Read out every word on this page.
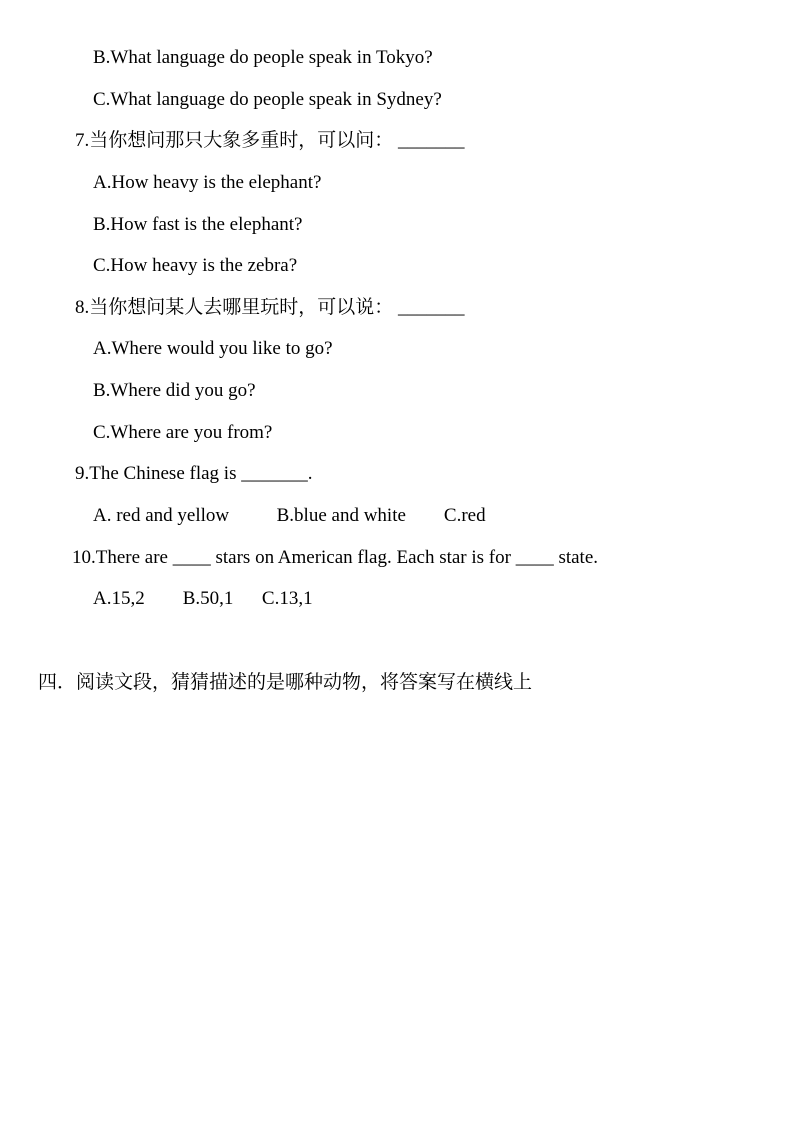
B.What language do people speak in Tokyo?
C.What language do people speak in Sydney?
7.当你想问那只大象多重时，可以问： _______
A.How heavy is the elephant?
B.How fast is the elephant?
C.How heavy is the zebra?
8.当你想问某人去哪里玩时，可以说： _______
A.Where would you like to go?
B.Where did you go?
C.Where are you from?
9.The Chinese flag is _______.
A. red and yellow          B.blue and white        C.red
10.There are ____ stars on American flag. Each star is for ____ state.
A.15,2        B.50,1      C.13,1
四．阅读文段，猜猜描述的是哪种动物，将答案写在横线上
